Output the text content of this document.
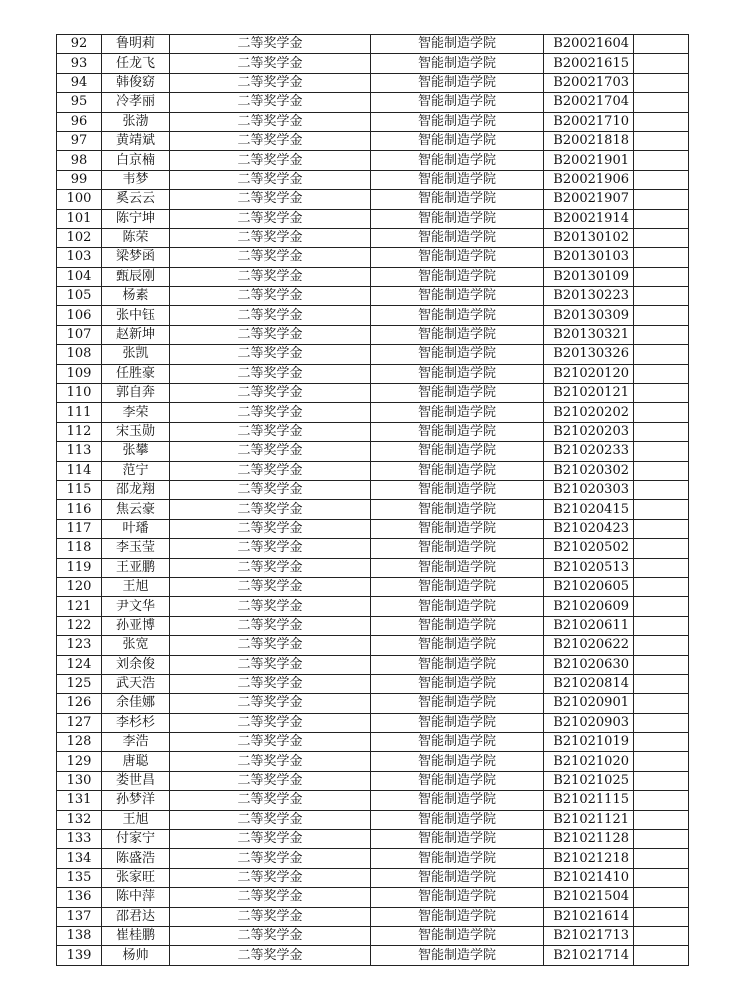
92	鲁明莉	二等奖学金	智能制造学院	B20021604	
93	任龙飞	二等奖学金	智能制造学院	B20021615	
94	韩俊窈	二等奖学金	智能制造学院	B20021703	
95	冷孝丽	二等奖学金	智能制造学院	B20021704	
96	张渤	二等奖学金	智能制造学院	B20021710	
97	黄靖斌	二等奖学金	智能制造学院	B20021818	
98	白京楠	二等奖学金	智能制造学院	B20021901	
99	韦梦	二等奖学金	智能制造学院	B20021906	
100	奚云云	二等奖学金	智能制造学院	B20021907	
101	陈宁坤	二等奖学金	智能制造学院	B20021914	
102	陈荣	二等奖学金	智能制造学院	B20130102	
103	梁梦函	二等奖学金	智能制造学院	B20130103	
104	甄辰刚	二等奖学金	智能制造学院	B20130109	
105	杨素	二等奖学金	智能制造学院	B20130223	
106	张中钰	二等奖学金	智能制造学院	B20130309	
107	赵新坤	二等奖学金	智能制造学院	B20130321	
108	张凯	二等奖学金	智能制造学院	B20130326	
109	任胜豪	二等奖学金	智能制造学院	B21020120	
110	郭自奔	二等奖学金	智能制造学院	B21020121	
111	李荣	二等奖学金	智能制造学院	B21020202	
112	宋玉勋	二等奖学金	智能制造学院	B21020203	
113	张攀	二等奖学金	智能制造学院	B21020233	
114	范宁	二等奖学金	智能制造学院	B21020302	
115	邵龙翔	二等奖学金	智能制造学院	B21020303	
116	焦云豪	二等奖学金	智能制造学院	B21020415	
117	叶璠	二等奖学金	智能制造学院	B21020423	
118	李玉莹	二等奖学金	智能制造学院	B21020502	
119	王亚鹏	二等奖学金	智能制造学院	B21020513	
120	王旭	二等奖学金	智能制造学院	B21020605	
121	尹文华	二等奖学金	智能制造学院	B21020609	
122	孙亚博	二等奖学金	智能制造学院	B21020611	
123	张宽	二等奖学金	智能制造学院	B21020622	
124	刘余俊	二等奖学金	智能制造学院	B21020630	
125	武天浩	二等奖学金	智能制造学院	B21020814	
126	余佳娜	二等奖学金	智能制造学院	B21020901	
127	李杉杉	二等奖学金	智能制造学院	B21020903	
128	李浩	二等奖学金	智能制造学院	B21021019	
129	唐聪	二等奖学金	智能制造学院	B21021020	
130	娄世昌	二等奖学金	智能制造学院	B21021025	
131	孙梦洋	二等奖学金	智能制造学院	B21021115	
132	王旭	二等奖学金	智能制造学院	B21021121	
133	付家宁	二等奖学金	智能制造学院	B21021128	
134	陈盛浩	二等奖学金	智能制造学院	B21021218	
135	张家旺	二等奖学金	智能制造学院	B21021410	
136	陈中萍	二等奖学金	智能制造学院	B21021504	
137	邵君达	二等奖学金	智能制造学院	B21021614	
138	崔桂鹏	二等奖学金	智能制造学院	B21021713	
139	杨帅	二等奖学金	智能制造学院	B21021714	
